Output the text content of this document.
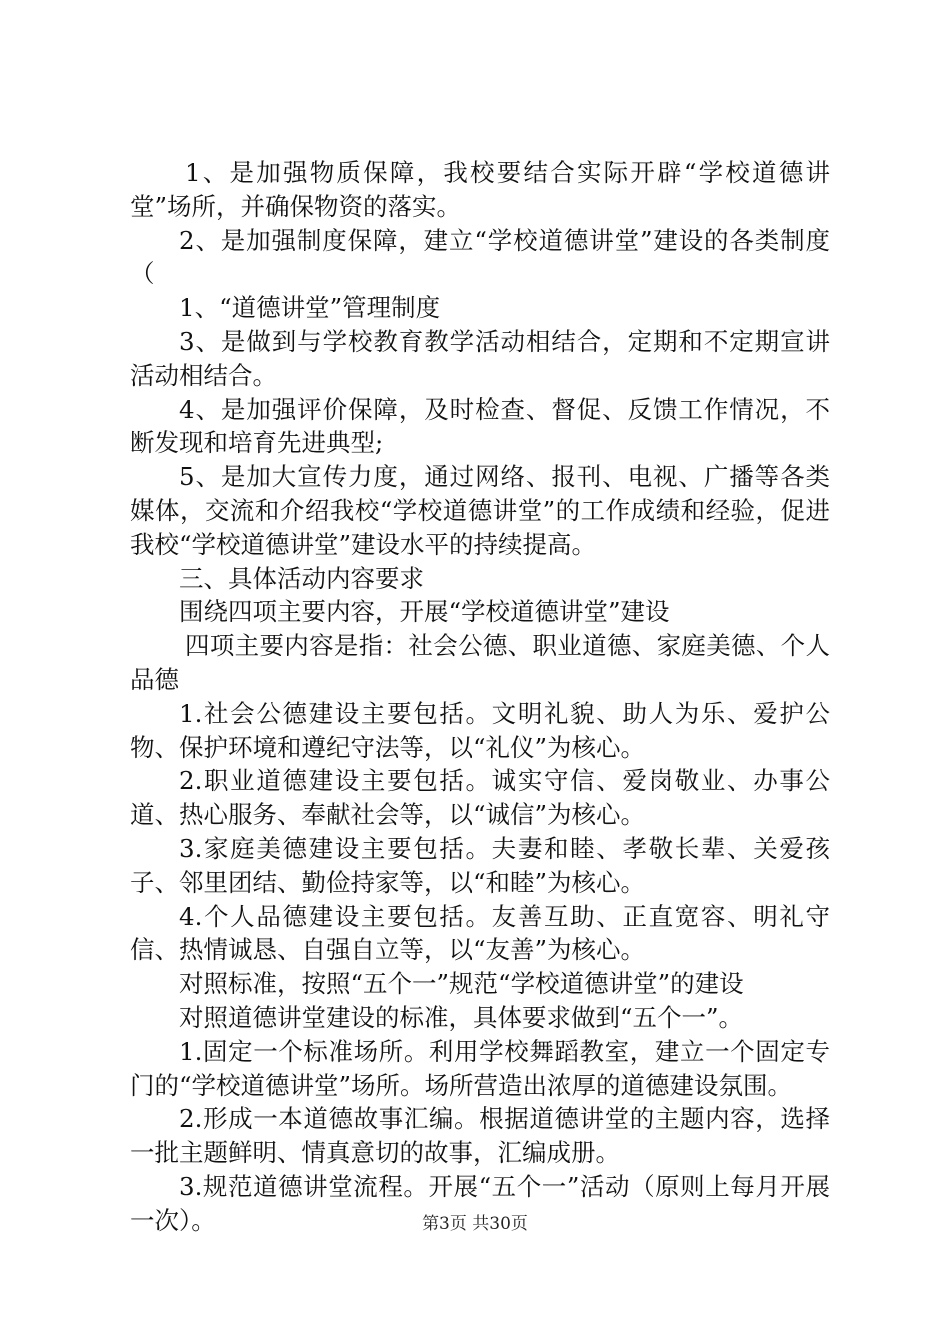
1、是加强物质保障，我校要结合实际开辟“学校道德讲堂”场所，并确保物资的落实。

2、是加强制度保障，建立“学校道德讲堂”建设的各类制度（

1、“道德讲堂”管理制度

3、是做到与学校教育教学活动相结合，定期和不定期宣讲活动相结合。

4、是加强评价保障，及时检查、督促、反馈工作情况，不断发现和培育先进典型;

5、是加大宣传力度，通过网络、报刊、电视、广播等各类媒体，交流和介绍我校“学校道德讲堂”的工作成绩和经验，促进我校“学校道德讲堂”建设水平的持续提高。

三、具体活动内容要求

围绕四项主要内容，开展“学校道德讲堂”建设

四项主要内容是指：社会公德、职业道德、家庭美德、个人品德

1.社会公德建设主要包括。文明礼貌、助人为乐、爱护公物、保护环境和遵纪守法等，以“礼仪”为核心。

2.职业道德建设主要包括。诚实守信、爱岗敬业、办事公道、热心服务、奉献社会等，以“诚信”为核心。

3.家庭美德建设主要包括。夫妻和睦、孝敬长辈、关爱孩子、邻里团结、勤俭持家等，以“和睦”为核心。

4.个人品德建设主要包括。友善互助、正直宽容、明礼守信、热情诚恳、自强自立等，以“友善”为核心。

对照标准，按照“五个一”规范“学校道德讲堂”的建设

对照道德讲堂建设的标准，具体要求做到“五个一”。

1.固定一个标准场所。利用学校舞蹈教室，建立一个固定专门的“学校道德讲堂”场所。场所营造出浓厚的道德建设氛围。

2.形成一本道德故事汇编。根据道德讲堂的主题内容，选择一批主题鲜明、情真意切的故事，汇编成册。

3.规范道德讲堂流程。开展“五个一”活动（原则上每月开展一次）。	第3页 共30页
